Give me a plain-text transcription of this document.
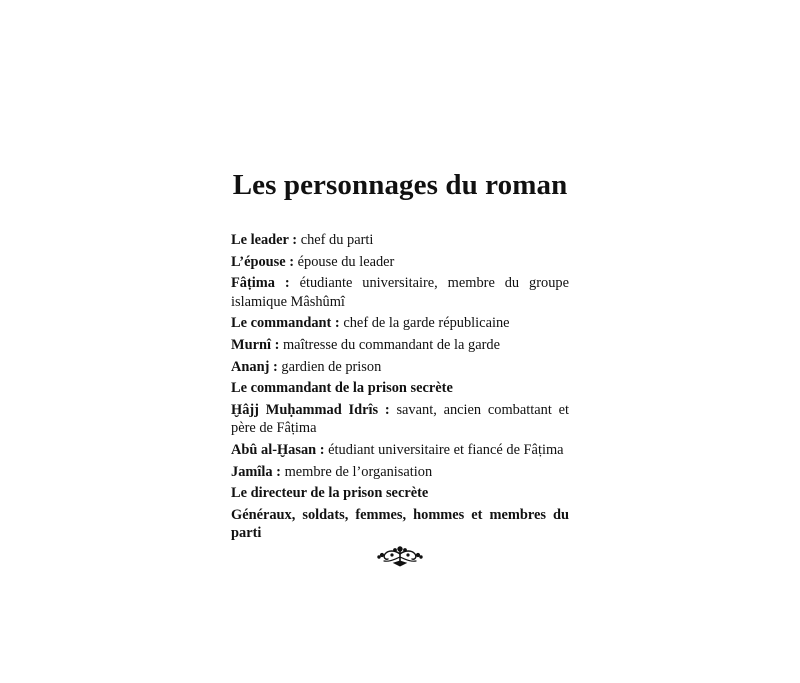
Les personnages du roman
Le leader : chef du parti
L’épouse : épouse du leader
Fâṭima : étudiante universitaire, membre du groupe islamique Mâshûmî
Le commandant : chef de la garde républicaine
Murnî : maîtresse du commandant de la garde
Ananj : gardien de prison
Le commandant de la prison secrète
Ḫâjj Muḥammad Idrîs : savant, ancien combattant et père de Fâṭima
Abû al-Ḫasan : étudiant universitaire et fiancé de Fâṭima
Jamîla : membre de l’organisation
Le directeur de la prison secrète
Généraux, soldats, femmes, hommes et membres du parti
